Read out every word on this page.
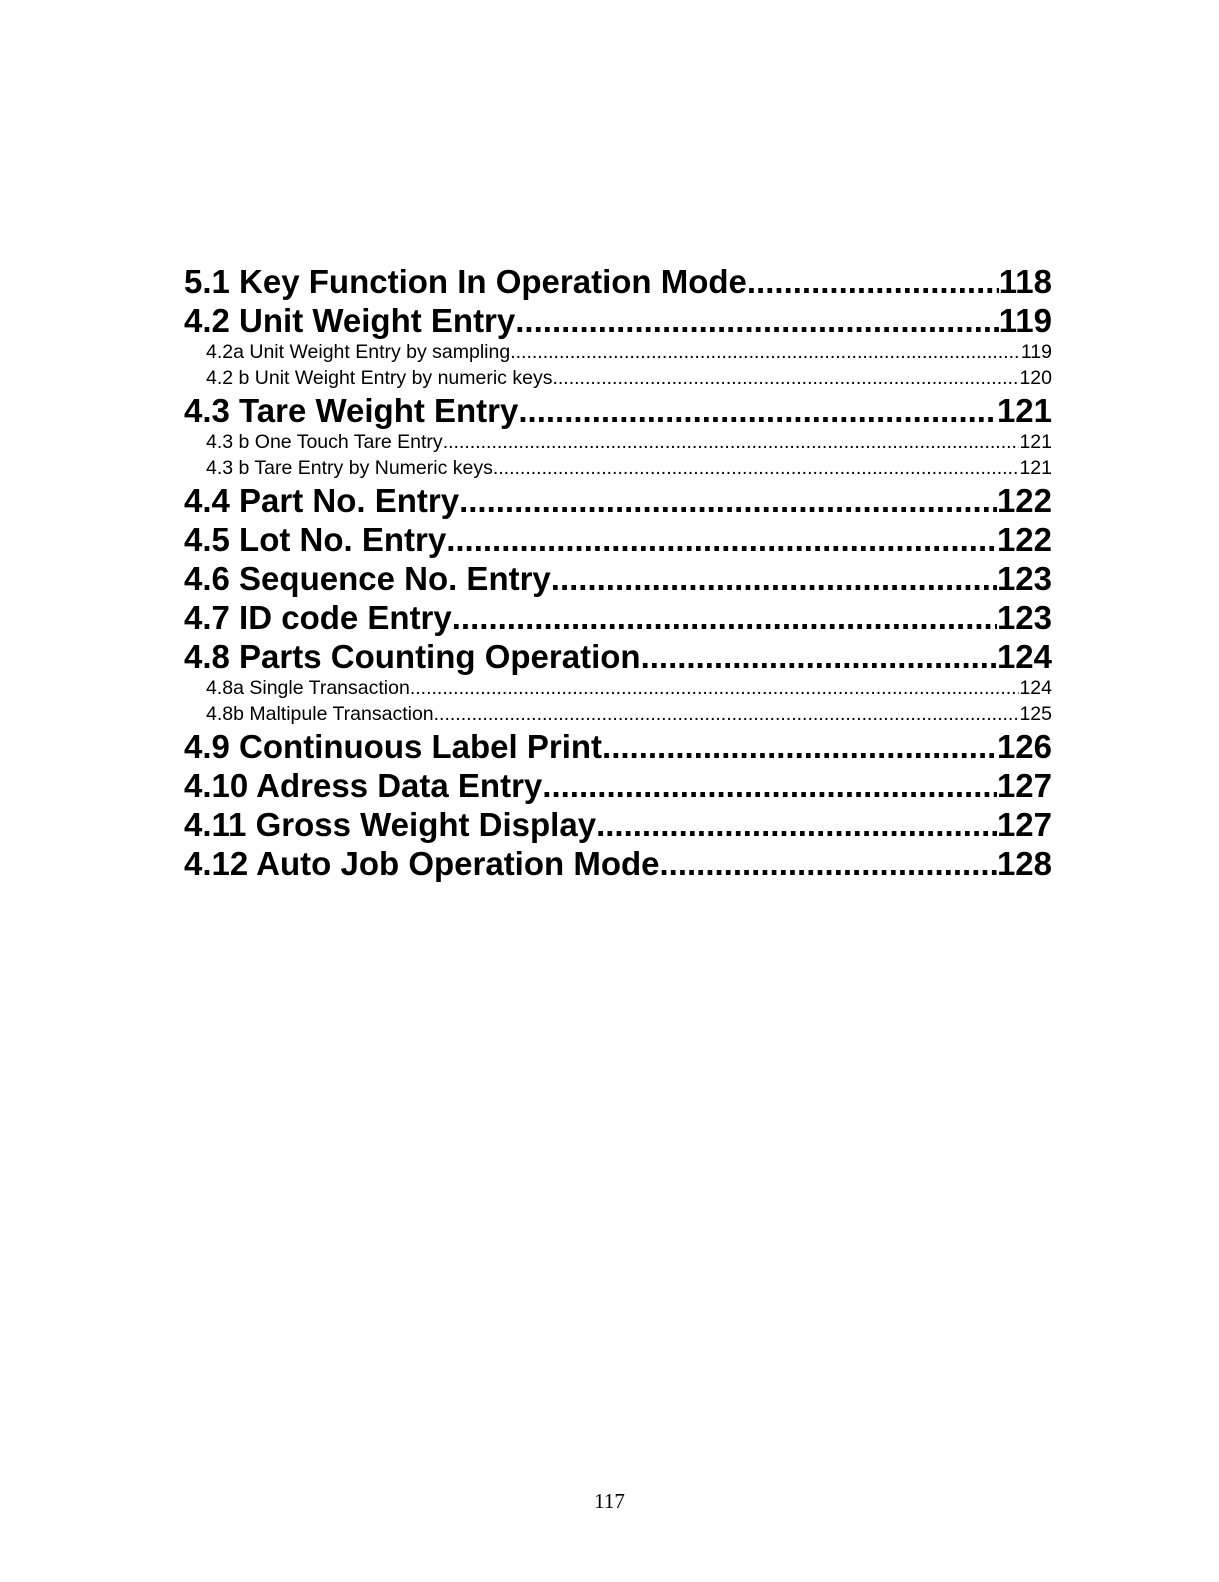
5.1 Key Function In Operation Mode .....	118
4.2 Unit Weight Entry .....	119
4.2a Unit Weight Entry by sampling .....	119
4.2 b Unit Weight Entry by numeric keys .....	120
4.3 Tare Weight Entry .....	121
4.3 b One Touch Tare Entry .....	121
4.3 b Tare Entry by Numeric keys .....	121
4.4 Part No. Entry .....	122
4.5 Lot No. Entry .....	122
4.6 Sequence No. Entry .....	123
4.7 ID code Entry .....	123
4.8 Parts Counting Operation .....	124
4.8a Single Transaction .....	124
4.8b Maltipule Transaction .....	125
4.9 Continuous Label Print .....	126
4.10 Adress Data Entry .....	127
4.11 Gross Weight Display .....	127
4.12 Auto Job Operation Mode .....	128
117
